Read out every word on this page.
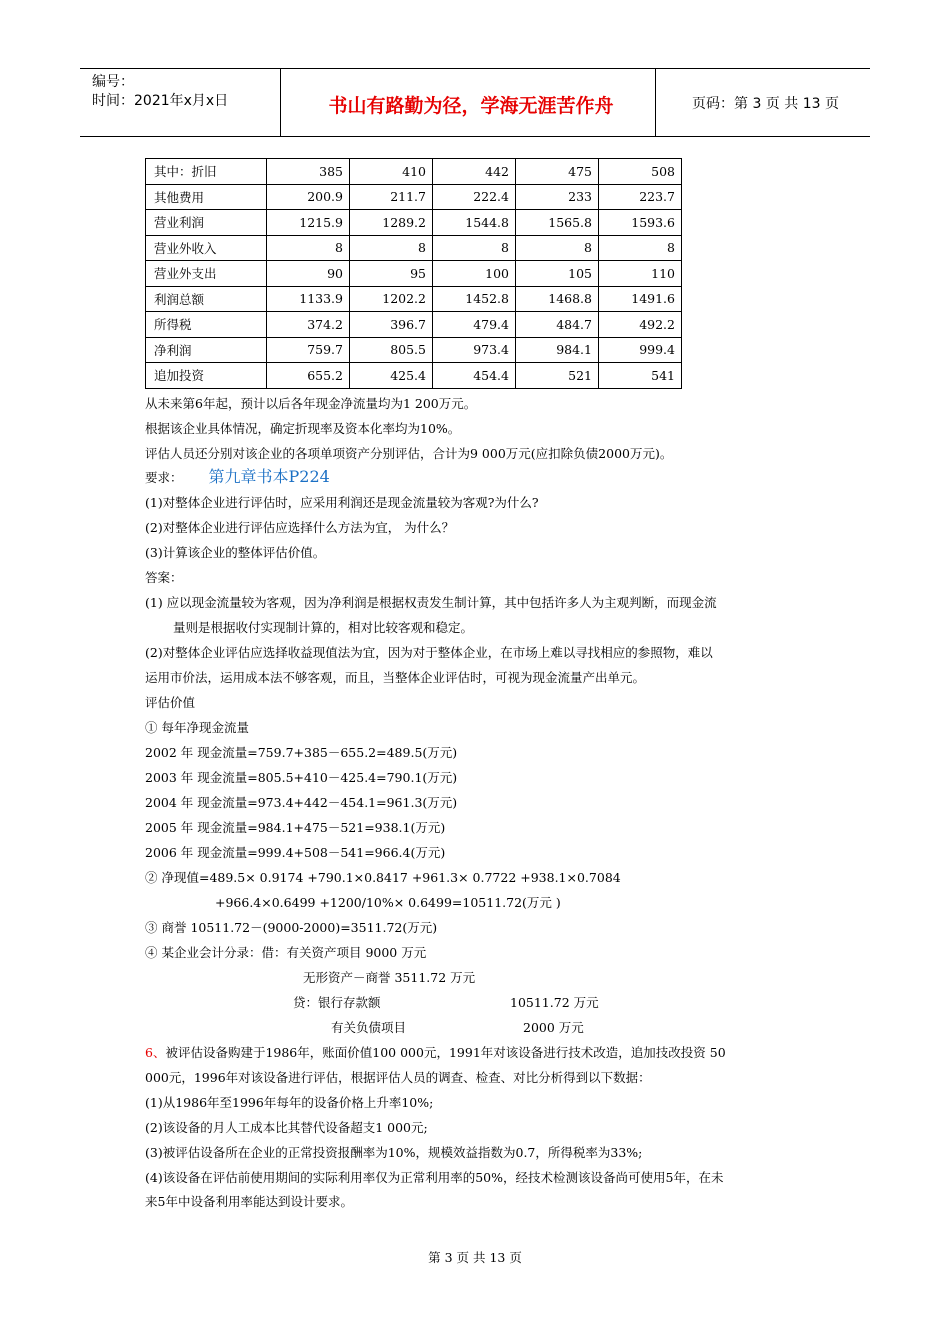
编号：
时间：2021年x月x日	书山有路勤为径，学海无涯苦作舟	页码：第 3 页 共 13 页
其中：折旧	385	410	442	475	508
其他费用	200.9	211.7	222.4	233	223.7
营业利润	1215.9	1289.2	1544.8	1565.8	1593.6
营业外收入	8	8	8	8	8
营业外支出	90	95	100	105	110
利润总额	1133.9	1202.2	1452.8	1468.8	1491.6
所得税	374.2	396.7	479.4	484.7	492.2
净利润	759.7	805.5	973.4	984.1	999.4
追加投资	655.2	425.4	454.4	521	541
从未来第6年起，预计以后各年现金净流量均为1 200万元。
根据该企业具体情况，确定折现率及资本化率均为10%。
评估人员还分别对该企业的各项单项资产分别评估，合计为9 000万元(应扣除负债2000万元)。
要求： 第九章书本P224
(1)对整体企业进行评估时，应采用利润还是现金流量较为客观?为什么?
(2)对整体企业进行评估应选择什么方法为宜， 为什么？
(3)计算该企业的整体评估价值。
答案：
(1) 应以现金流量较为客观，因为净利润是根据权责发生制计算，其中包括许多人为主观判断，而现金流
量则是根据收付实现制计算的，相对比较客观和稳定。
(2)对整体企业评估应选择收益现值法为宜，因为对于整体企业，在市场上难以寻找相应的参照物，难以
运用市价法，运用成本法不够客观，而且，当整体企业评估时，可视为现金流量产出单元。
评估价值
① 每年净现金流量
2002 年 现金流量=759.7+385－655.2=489.5(万元)
2003 年 现金流量=805.5+410－425.4=790.1(万元)
2004 年 现金流量=973.4+442－454.1=961.3(万元)
2005 年 现金流量=984.1+475－521=938.1(万元)
2006 年 现金流量=999.4+508－541=966.4(万元)
② 净现值=489.5× 0.9174 +790.1×0.8417 +961.3× 0.7722 +938.1×0.7084
+966.4×0.6499 +1200/10%× 0.6499=10511.72(万元 )
③ 商誉 10511.72－(9000-2000)=3511.72(万元)
④ 某企业会计分录：借：有关资产项目 9000 万元
无形资产－商誉 3511.72 万元
贷：银行存款额	10511.72 万元
有关负债项目	2000 万元
6、被评估设备购建于1986年，账面价值100 000元，1991年对该设备进行技术改造，追加技改投资 50
000元，1996年对该设备进行评估，根据评估人员的调查、检查、对比分析得到以下数据：
(1)从1986年至1996年每年的设备价格上升率10%;
(2)该设备的月人工成本比其替代设备超支1 000元;
(3)被评估设备所在企业的正常投资报酬率为10%，规模效益指数为0.7，所得税率为33%;
(4)该设备在评估前使用期间的实际利用率仅为正常利用率的50%，经技术检测该设备尚可使用5年，在未
来5年中设备利用率能达到设计要求。
第 3 页 共 13 页
